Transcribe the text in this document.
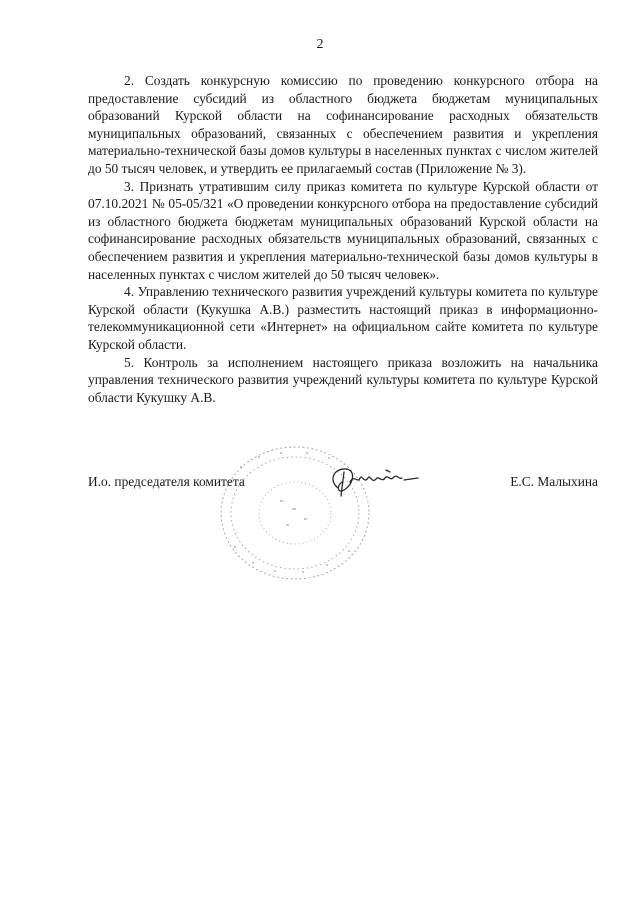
2

2. Создать конкурсную комиссию по проведению конкурсного отбора на предоставление субсидий из областного бюджета бюджетам муниципальных образований Курской области на софинансирование расходных обязательств муниципальных образований, связанных с обеспечением развития и укрепления материально-технической базы домов культуры в населенных пунктах с числом жителей до 50 тысяч человек, и утвердить ее прилагаемый состав (Приложение № 3).

3. Признать утратившим силу приказ комитета по культуре Курской области от 07.10.2021 № 05-05/321 «О проведении конкурсного отбора на предоставление субсидий из областного бюджета бюджетам муниципальных образований Курской области на софинансирование расходных обязательств муниципальных образований, связанных с обеспечением развития и укрепления материально-технической базы домов культуры в населенных пунктах с числом жителей до 50 тысяч человек».

4. Управлению технического развития учреждений культуры комитета по культуре Курской области (Кукушка А.В.) разместить настоящий приказ в информационно-телекоммуникационной сети «Интернет» на официальном сайте комитета по культуре Курской области.

5. Контроль за исполнением настоящего приказа возложить на начальника управления технического развития учреждений культуры комитета по культуре Курской области Кукушку А.В.

И.о. председателя комитета	Е.С. Малыхина
